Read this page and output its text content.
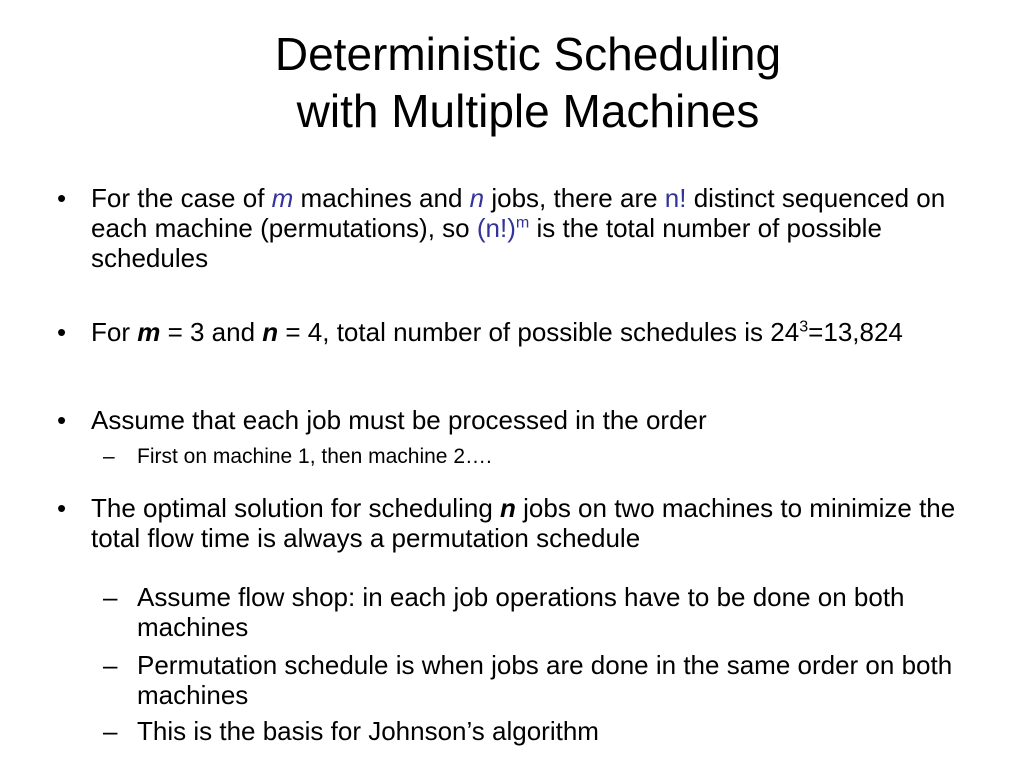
Deterministic Scheduling
with Multiple Machines
• For the case of m machines and n jobs, there are n! distinct sequenced on each machine (permutations), so $(n!)^m$ is the total number of possible schedules
• For m = 3 and n = 4, total number of possible schedules is $24^3=13,824$
• Assume that each job must be processed in the order
– First on machine 1, then machine 2….
• The optimal solution for scheduling n jobs on two machines to minimize the total flow time is always a permutation schedule
– Assume flow shop: in each job operations have to be done on both machines
– Permutation schedule is when jobs are done in the same order on both machines
– This is the basis for Johnson’s algorithm
